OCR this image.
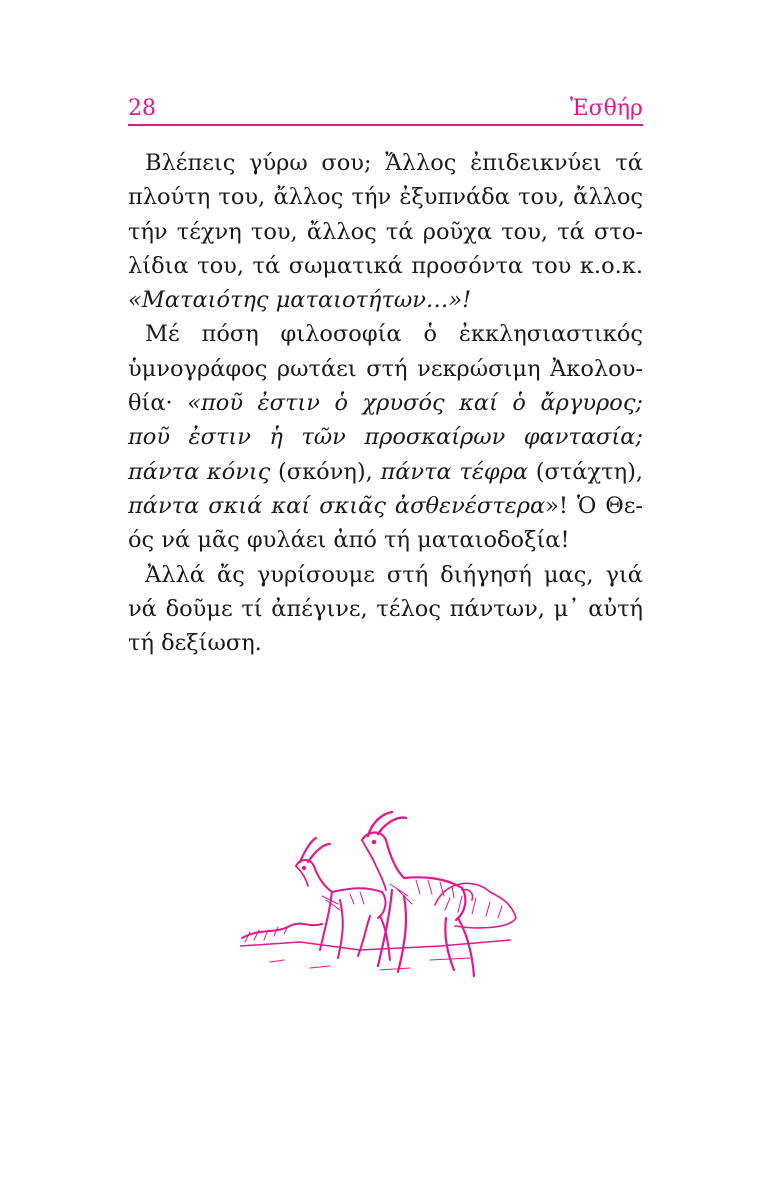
28	Ἐσθήρ
Βλέπεις γύρω σου; Ἄλλος ἐπιδεικνύει τά
πλούτη του, ἄλλος τήν ἐξυπνάδα του, ἄλλος
τήν τέχνη του, ἄλλος τά ροῦχα του, τά στο-
λίδια του, τά σωματικά προσόντα του κ.ο.κ.
«Ματαιότης ματαιοτήτων…»!
Μέ πόση φιλοσοφία ὁ ἐκκλησιαστικός
ὑμνογράφος ρωτάει στή νεκρώσιμη Ἀκολου-
θία· «ποῦ ἐστιν ὁ χρυσός καί ὁ ἄργυρος;
ποῦ ἐστιν ἡ τῶν προσκαίρων φαντασία;
πάντα κόνις (σκόνη), πάντα τέφρα (στάχτη),
πάντα σκιά καί σκιᾶς ἀσθενέστερα»! Ὁ Θε-
ός νά μᾶς φυλάει ἀπό τή ματαιοδοξία!
Ἀλλά ἄς γυρίσουμε στή διήγησή μας, γιά
νά δοῦμε τί ἀπέγινε, τέλος πάντων, μ᾽ αὐτή
τή δεξίωση.
